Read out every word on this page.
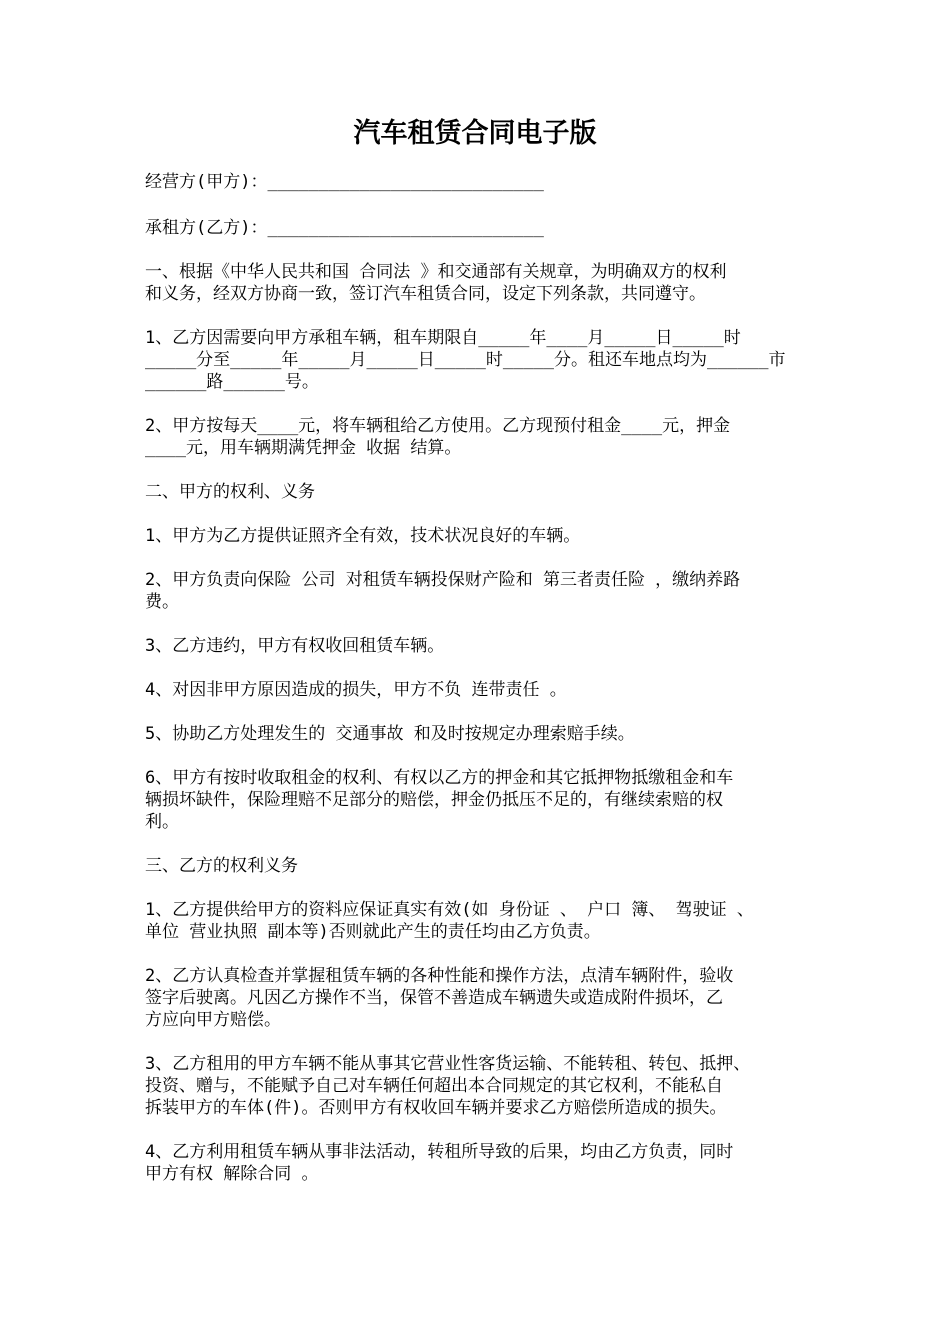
汽车租赁合同电子版

经营方(甲方)：___________________________

承租方(乙方)：___________________________

一、根据《中华人民共和国 合同法 》和交通部有关规章，为明确双方的权利
和义务，经双方协商一致，签订汽车租赁合同，设定下列条款，共同遵守。

1、乙方因需要向甲方承租车辆，租车期限自_____年____月_____日_____时
_____分至_____年_____月_____日_____时_____分。租还车地点均为______市
______路______号。

2、甲方按每天____元，将车辆租给乙方使用。乙方现预付租金____元，押金
____元，用车辆期满凭押金 收据 结算。

二、甲方的权利、义务

1、甲方为乙方提供证照齐全有效，技术状况良好的车辆。

2、甲方负责向保险 公司 对租赁车辆投保财产险和 第三者责任险 ，缴纳养路
费。

3、乙方违约，甲方有权收回租赁车辆。

4、对因非甲方原因造成的损失，甲方不负 连带责任 。

5、协助乙方处理发生的 交通事故 和及时按规定办理索赔手续。

6、甲方有按时收取租金的权利、有权以乙方的押金和其它抵押物抵缴租金和车
辆损坏缺件，保险理赔不足部分的赔偿，押金仍抵压不足的，有继续索赔的权
利。

三、乙方的权利义务

1、乙方提供给甲方的资料应保证真实有效(如 身份证 、 户口 簿、 驾驶证 、
单位 营业执照 副本等)否则就此产生的责任均由乙方负责。

2、乙方认真检查并掌握租赁车辆的各种性能和操作方法，点清车辆附件，验收
签字后驶离。凡因乙方操作不当，保管不善造成车辆遗失或造成附件损坏，乙
方应向甲方赔偿。

3、乙方租用的甲方车辆不能从事其它营业性客货运输、不能转租、转包、抵押、
投资、赠与，不能赋予自己对车辆任何超出本合同规定的其它权利，不能私自
拆装甲方的车体(件)。否则甲方有权收回车辆并要求乙方赔偿所造成的损失。

4、乙方利用租赁车辆从事非法活动，转租所导致的后果，均由乙方负责，同时
甲方有权 解除合同 。
